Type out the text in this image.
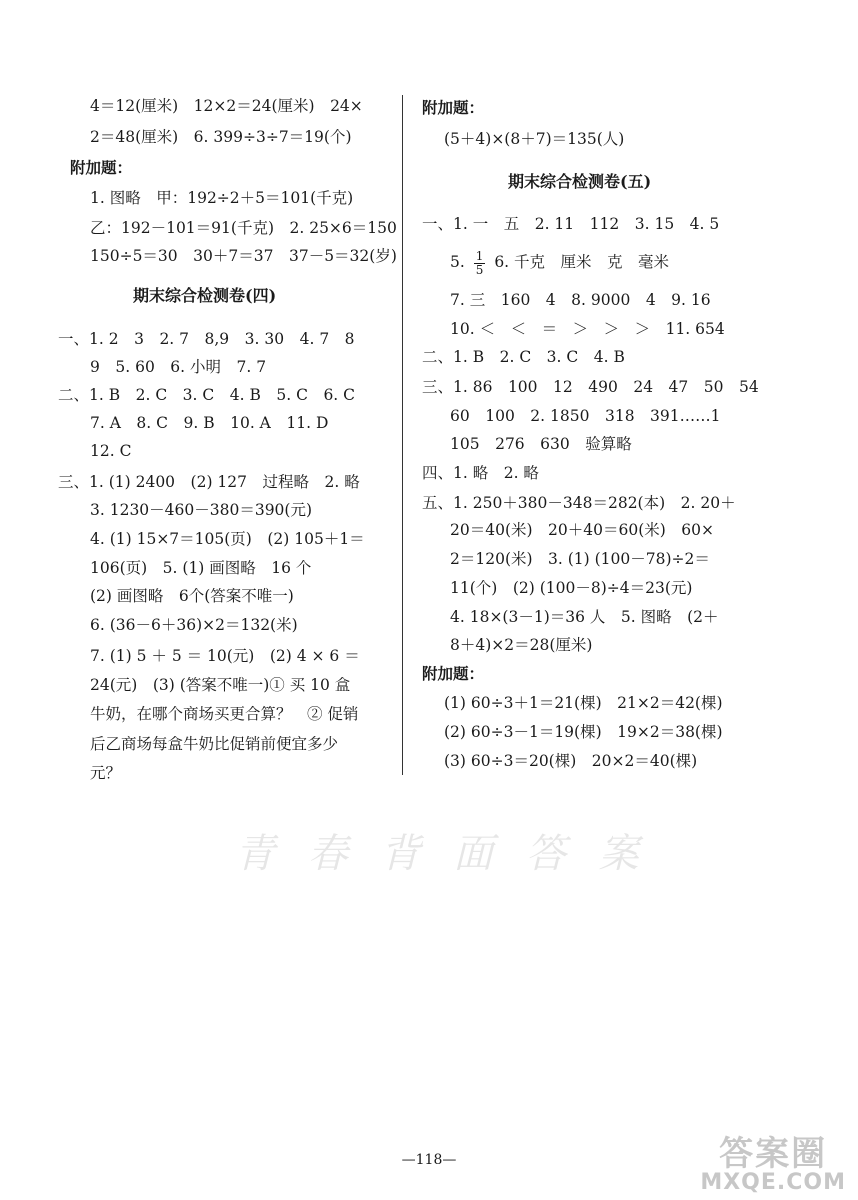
4＝12(厘米)　12×2＝24(厘米)　24×
2＝48(厘米)　6. 399÷3÷7＝19(个)
附加题：
1. 图略　甲：192÷2＋5＝101(千克)
乙：192－101＝91(千克)　2. 25×6＝150
150÷5＝30　30＋7＝37　37－5＝32(岁)
期末综合检测卷(四)
一、1. 2　3　2. 7　8,9　3. 30　4. 7　8
9　5. 60　6. 小明　7. 7
二、1. B　2. C　3. C　4. B　5. C　6. C
7. A　8. C　9. B　10. A　11. D
12. C
三、1. (1) 2400　(2) 127　过程略　2. 略
3. 1230－460－380＝390(元)
4. (1) 15×7＝105(页)　(2) 105＋1＝
106(页)　5. (1) 画图略　16 个
(2) 画图略　6个(答案不唯一)
6. (36－6＋36)×2＝132(米)
7. (1) 5 ＋ 5 ＝ 10(元)　(2) 4 × 6 ＝
24(元)　(3) (答案不唯一)① 买 10 盒
牛奶，在哪个商场买更合算？　② 促销
后乙商场每盒牛奶比促销前便宜多少
元？
附加题：
(5＋4)×(8＋7)＝135(人)
期末综合检测卷(五)
一、1. 一　五　2. 11　112　3. 15　4. 5
5. $\frac{1}{5} 6$. 千克　厘米　克　毫米
7. 三　160　4　8. 9000　4　9. 16
10. ＜　＜　＝　＞　＞　＞　11. 654
二、1. B　2. C　3. C　4. B
三、1. 86　100　12　490　24　47　50　54
60　100　2. 1850　318　391……1
105　276　630　验算略
四、1. 略　2. 略
五、1. 250＋380－348＝282(本)　2. 20＋
20＝40(米)　20＋40＝60(米)　60×
2＝120(米)　3. (1) (100－78)÷2＝
11(个)　(2) (100－8)÷4＝23(元)
4. 18×(3－1)＝36 人　5. 图略　(2＋
8＋4)×2＝28(厘米)
附加题：
(1) 60÷3＋1＝21(棵)　21×2＝42(棵)
(2) 60÷3－1＝19(棵)　19×2＝38(棵)
(3) 60÷3＝20(棵)　20×2＝40(棵)
青 春 背 面 答 案
—118—	答案圈
MXQE.COM
